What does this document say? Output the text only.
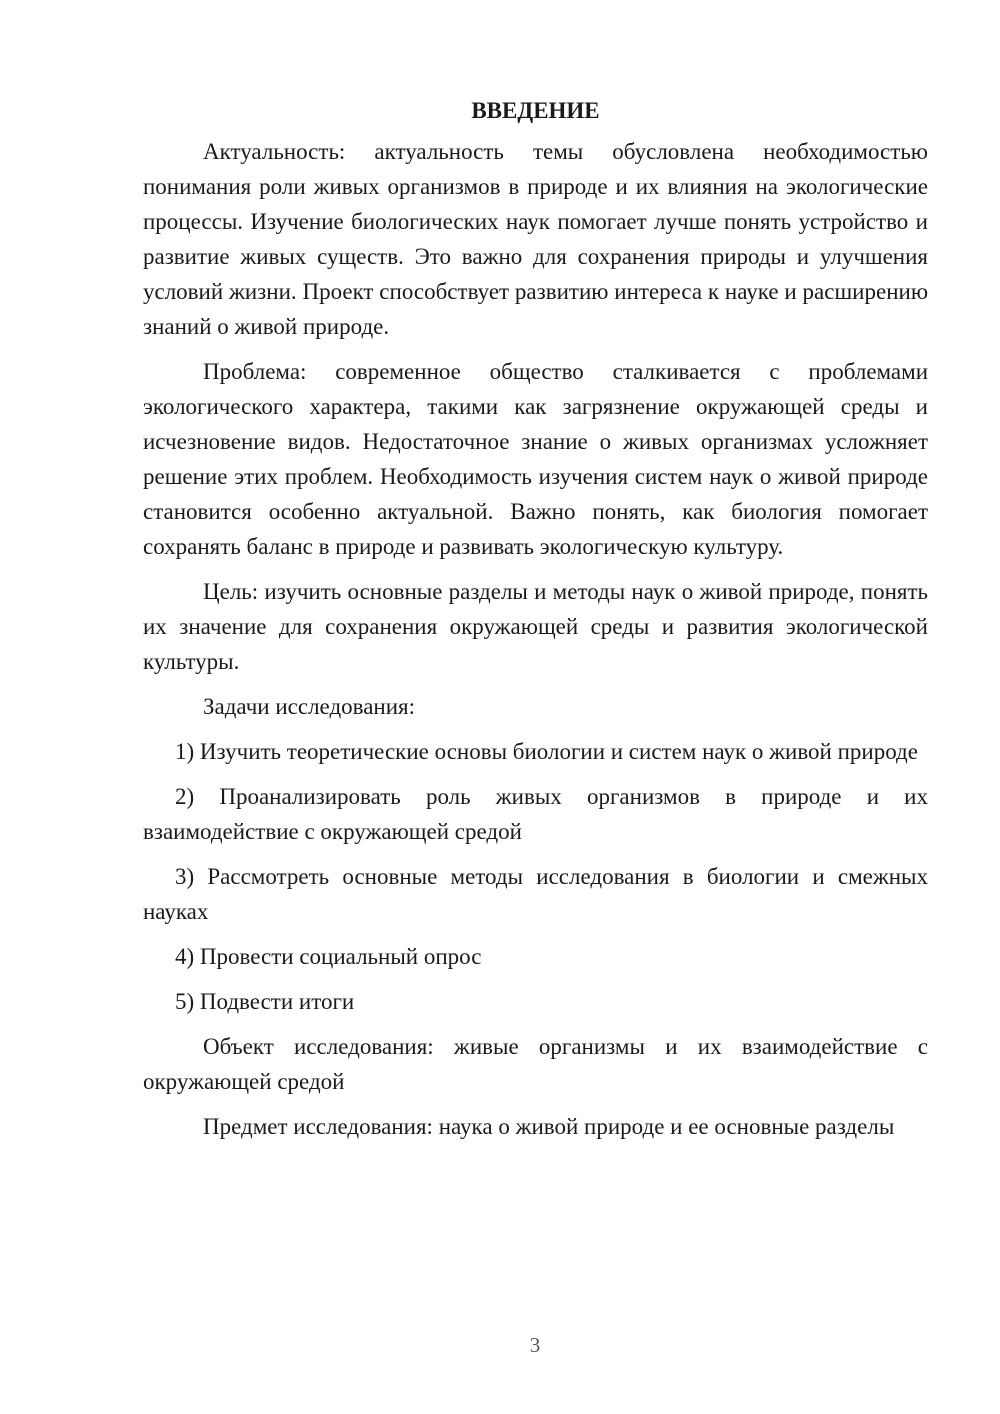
ВВЕДЕНИЕ

Актуальность: актуальность темы обусловлена необходимостью понимания роли живых организмов в природе и их влияния на экологические процессы. Изучение биологических наук помогает лучше понять устройство и развитие живых существ. Это важно для сохранения природы и улучшения условий жизни. Проект способствует развитию интереса к науке и расширению знаний о живой природе.

Проблема: современное общество сталкивается с проблемами экологического характера, такими как загрязнение окружающей среды и исчезновение видов. Недостаточное знание о живых организмах усложняет решение этих проблем. Необходимость изучения систем наук о живой природе становится особенно актуальной. Важно понять, как биология помогает сохранять баланс в природе и развивать экологическую культуру.

Цель: изучить основные разделы и методы наук о живой природе, понять их значение для сохранения окружающей среды и развития экологической культуры.

Задачи исследования:

1) Изучить теоретические основы биологии и систем наук о живой природе

2) Проанализировать роль живых организмов в природе и их взаимодействие с окружающей средой

3) Рассмотреть основные методы исследования в биологии и смежных науках

4) Провести социальный опрос

5) Подвести итоги

Объект исследования: живые организмы и их взаимодействие с окружающей средой

Предмет исследования: наука о живой природе и ее основные разделы

3
